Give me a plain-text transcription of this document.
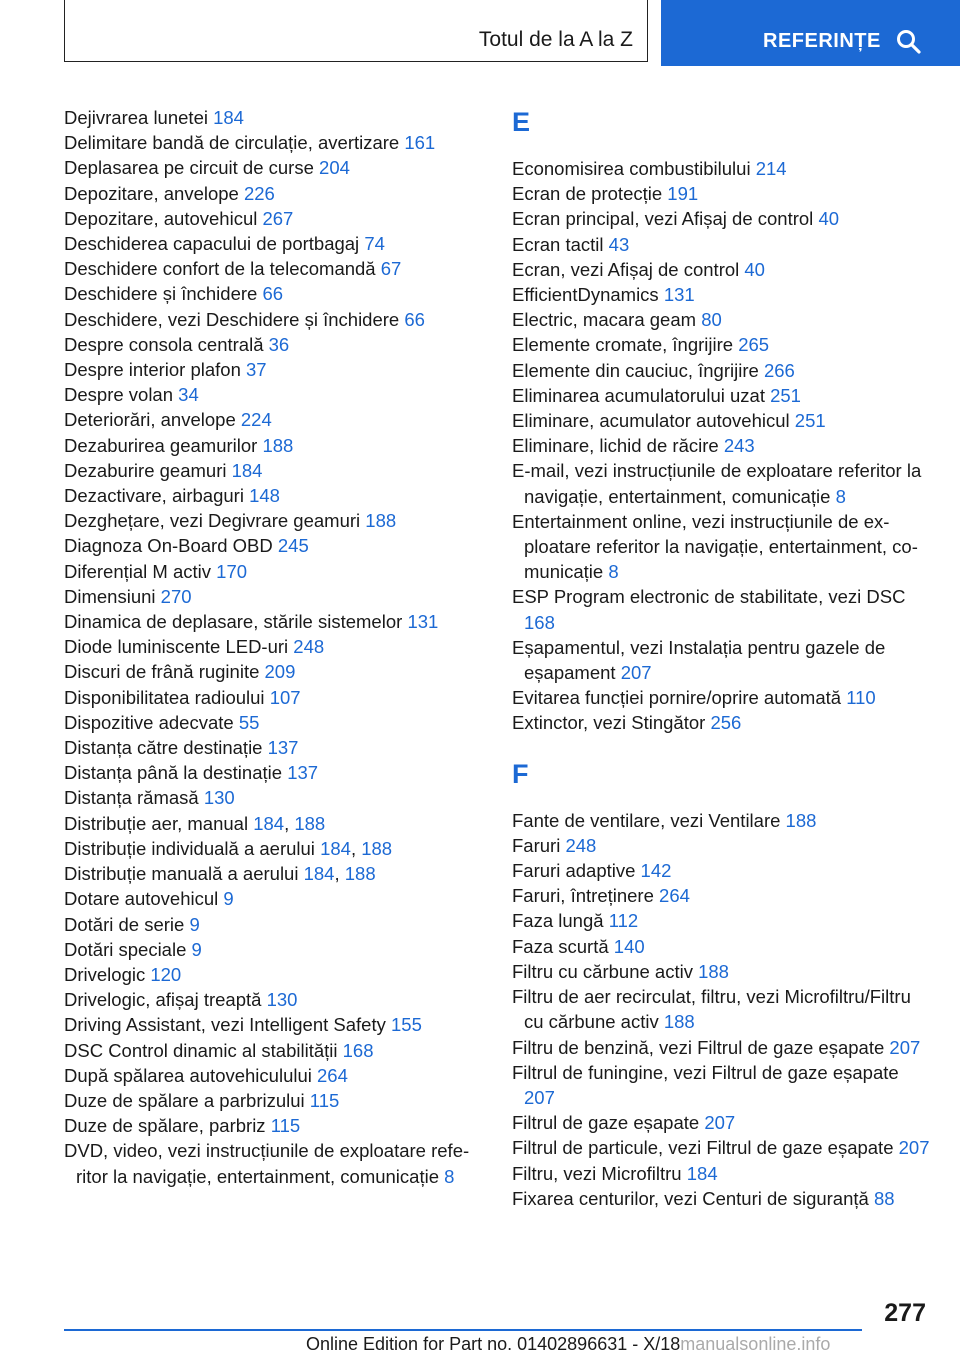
Totul de la A la Z	REFERINȚE
Dejivrarea lunetei 184
Delimitare bandă de circulație, avertizare 161
Deplasarea pe circuit de curse 204
Depozitare, anvelope 226
Depozitare, autovehicul 267
Deschiderea capacului de portbagaj 74
Deschidere confort de la telecomandă 67
Deschidere și închidere 66
Deschidere, vezi Deschidere și închidere 66
Despre consola centrală 36
Despre interior plafon 37
Despre volan 34
Deteriorări, anvelope 224
Dezaburirea geamurilor 188
Dezaburire geamuri 184
Dezactivare, airbaguri 148
Dezghețare, vezi Degivrare geamuri 188
Diagnoza On-Board OBD 245
Diferențial M activ 170
Dimensiuni 270
Dinamica de deplasare, stările sistemelor 131
Diode luminiscente LED-uri 248
Discuri de frână ruginite 209
Disponibilitatea radioului 107
Dispozitive adecvate 55
Distanța către destinație 137
Distanța până la destinație 137
Distanța rămasă 130
Distribuție aer, manual 184, 188
Distribuție individuală a aerului 184, 188
Distribuție manuală a aerului 184, 188
Dotare autovehicul 9
Dotări de serie 9
Dotări speciale 9
Drivelogic 120
Drivelogic, afișaj treaptă 130
Driving Assistant, vezi Intelligent Safety 155
DSC Control dinamic al stabilității 168
După spălarea autovehiculului 264
Duze de spălare a parbrizului 115
Duze de spălare, parbriz 115
DVD, video, vezi instrucțiunile de exploatare referitor la navigație, entertainment, comunicație 8
E
Economisirea combustibilului 214
Ecran de protecție 191
Ecran principal, vezi Afișaj de control 40
Ecran tactil 43
Ecran, vezi Afișaj de control 40
EfficientDynamics 131
Electric, macara geam 80
Elemente cromate, îngrijire 265
Elemente din cauciuc, îngrijire 266
Eliminarea acumulatorului uzat 251
Eliminare, acumulator autovehicul 251
Eliminare, lichid de răcire 243
E-mail, vezi instrucțiunile de exploatare referitor la navigație, entertainment, comunicație 8
Entertainment online, vezi instrucțiunile de exploatare referitor la navigație, entertainment, comunicație 8
ESP Program electronic de stabilitate, vezi DSC 168
Eșapamentul, vezi Instalația pentru gazele de eșapament 207
Evitarea funcției pornire/oprire automată 110
Extinctor, vezi Stingător 256
F
Fante de ventilare, vezi Ventilare 188
Faruri 248
Faruri adaptive 142
Faruri, întreținere 264
Faza lungă 112
Faza scurtă 140
Filtru cu cărbune activ 188
Filtru de aer recirculat, filtru, vezi Microfiltru/Filtru cu cărbune activ 188
Filtru de benzină, vezi Filtrul de gaze eșapate 207
Filtrul de funingine, vezi Filtrul de gaze eșapate 207
Filtrul de gaze eșapate 207
Filtrul de particule, vezi Filtrul de gaze eșapate 207
Filtru, vezi Microfiltru 184
Fixarea centurilor, vezi Centuri de siguranță 88
277
Online Edition for Part no. 01402896631 - X/18manualsonline.info
